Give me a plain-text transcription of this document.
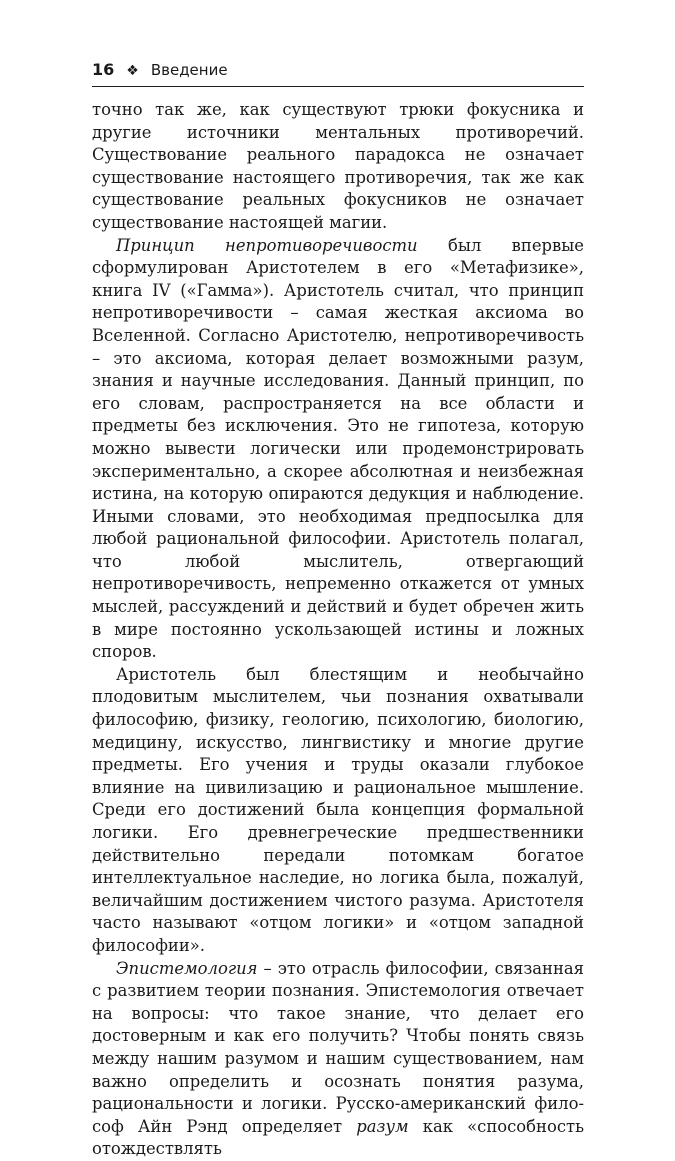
16 ❖ Введение

точно так же, как существуют трюки фокусника и другие источники ментальных противоречий. Существование реального парадокса не означает существование настоящего противоречия, так же как существование реальных фокусников не означает существование настоящей магии.

Принцип непротиворечивости был впервые сформулирован Аристотелем в его «Метафизике», книга IV («Гамма»). Аристотель считал, что принцип непротиворечивости – самая жесткая аксиома во Вселенной. Согласно Аристотелю, непротиворечивость – это аксиома, которая делает возможными разум, знания и научные исследования. Данный принцип, по его словам, распространяется на все области и предметы без исключения. Это не гипотеза, которую можно вывести логически или продемонстрировать экспериментально, а скорее абсолютная и неизбежная истина, на которую опираются дедукция и наблюдение. Иными словами, это необходимая предпосылка для любой рациональной философии. Аристотель полагал, что любой мыслитель, отвергающий непротиворечивость, непременно откажется от умных мыслей, рассуждений и действий и будет обречен жить в мире постоянно ускользающей истины и ложных споров.

Аристотель был блестящим и необычайно плодовитым мыслителем, чьи познания охватывали философию, физику, геологию, психологию, биологию, медицину, искусство, лингвистику и многие другие предметы. Его учения и труды оказали глубокое влияние на цивилизацию и рациональное мышление. Среди его достижений была концепция формальной логики. Его древнегреческие предшественники действительно передали потомкам богатое интеллектуальное наследие, но логика была, пожалуй, величайшим достижением чистого разума. Аристотеля часто называют «отцом логики» и «отцом западной философии».

Эпистемология – это отрасль философии, связанная с развитием теории познания. Эпистемология отвечает на вопросы: что такое знание, что делает его достоверным и как его получить? Чтобы понять связь между нашим разумом и нашим существованием, нам важно определить и осознать понятия разума, рациональности и логики. Русско-американский философ Айн Рэнд определяет разум как «способность отождествлять
